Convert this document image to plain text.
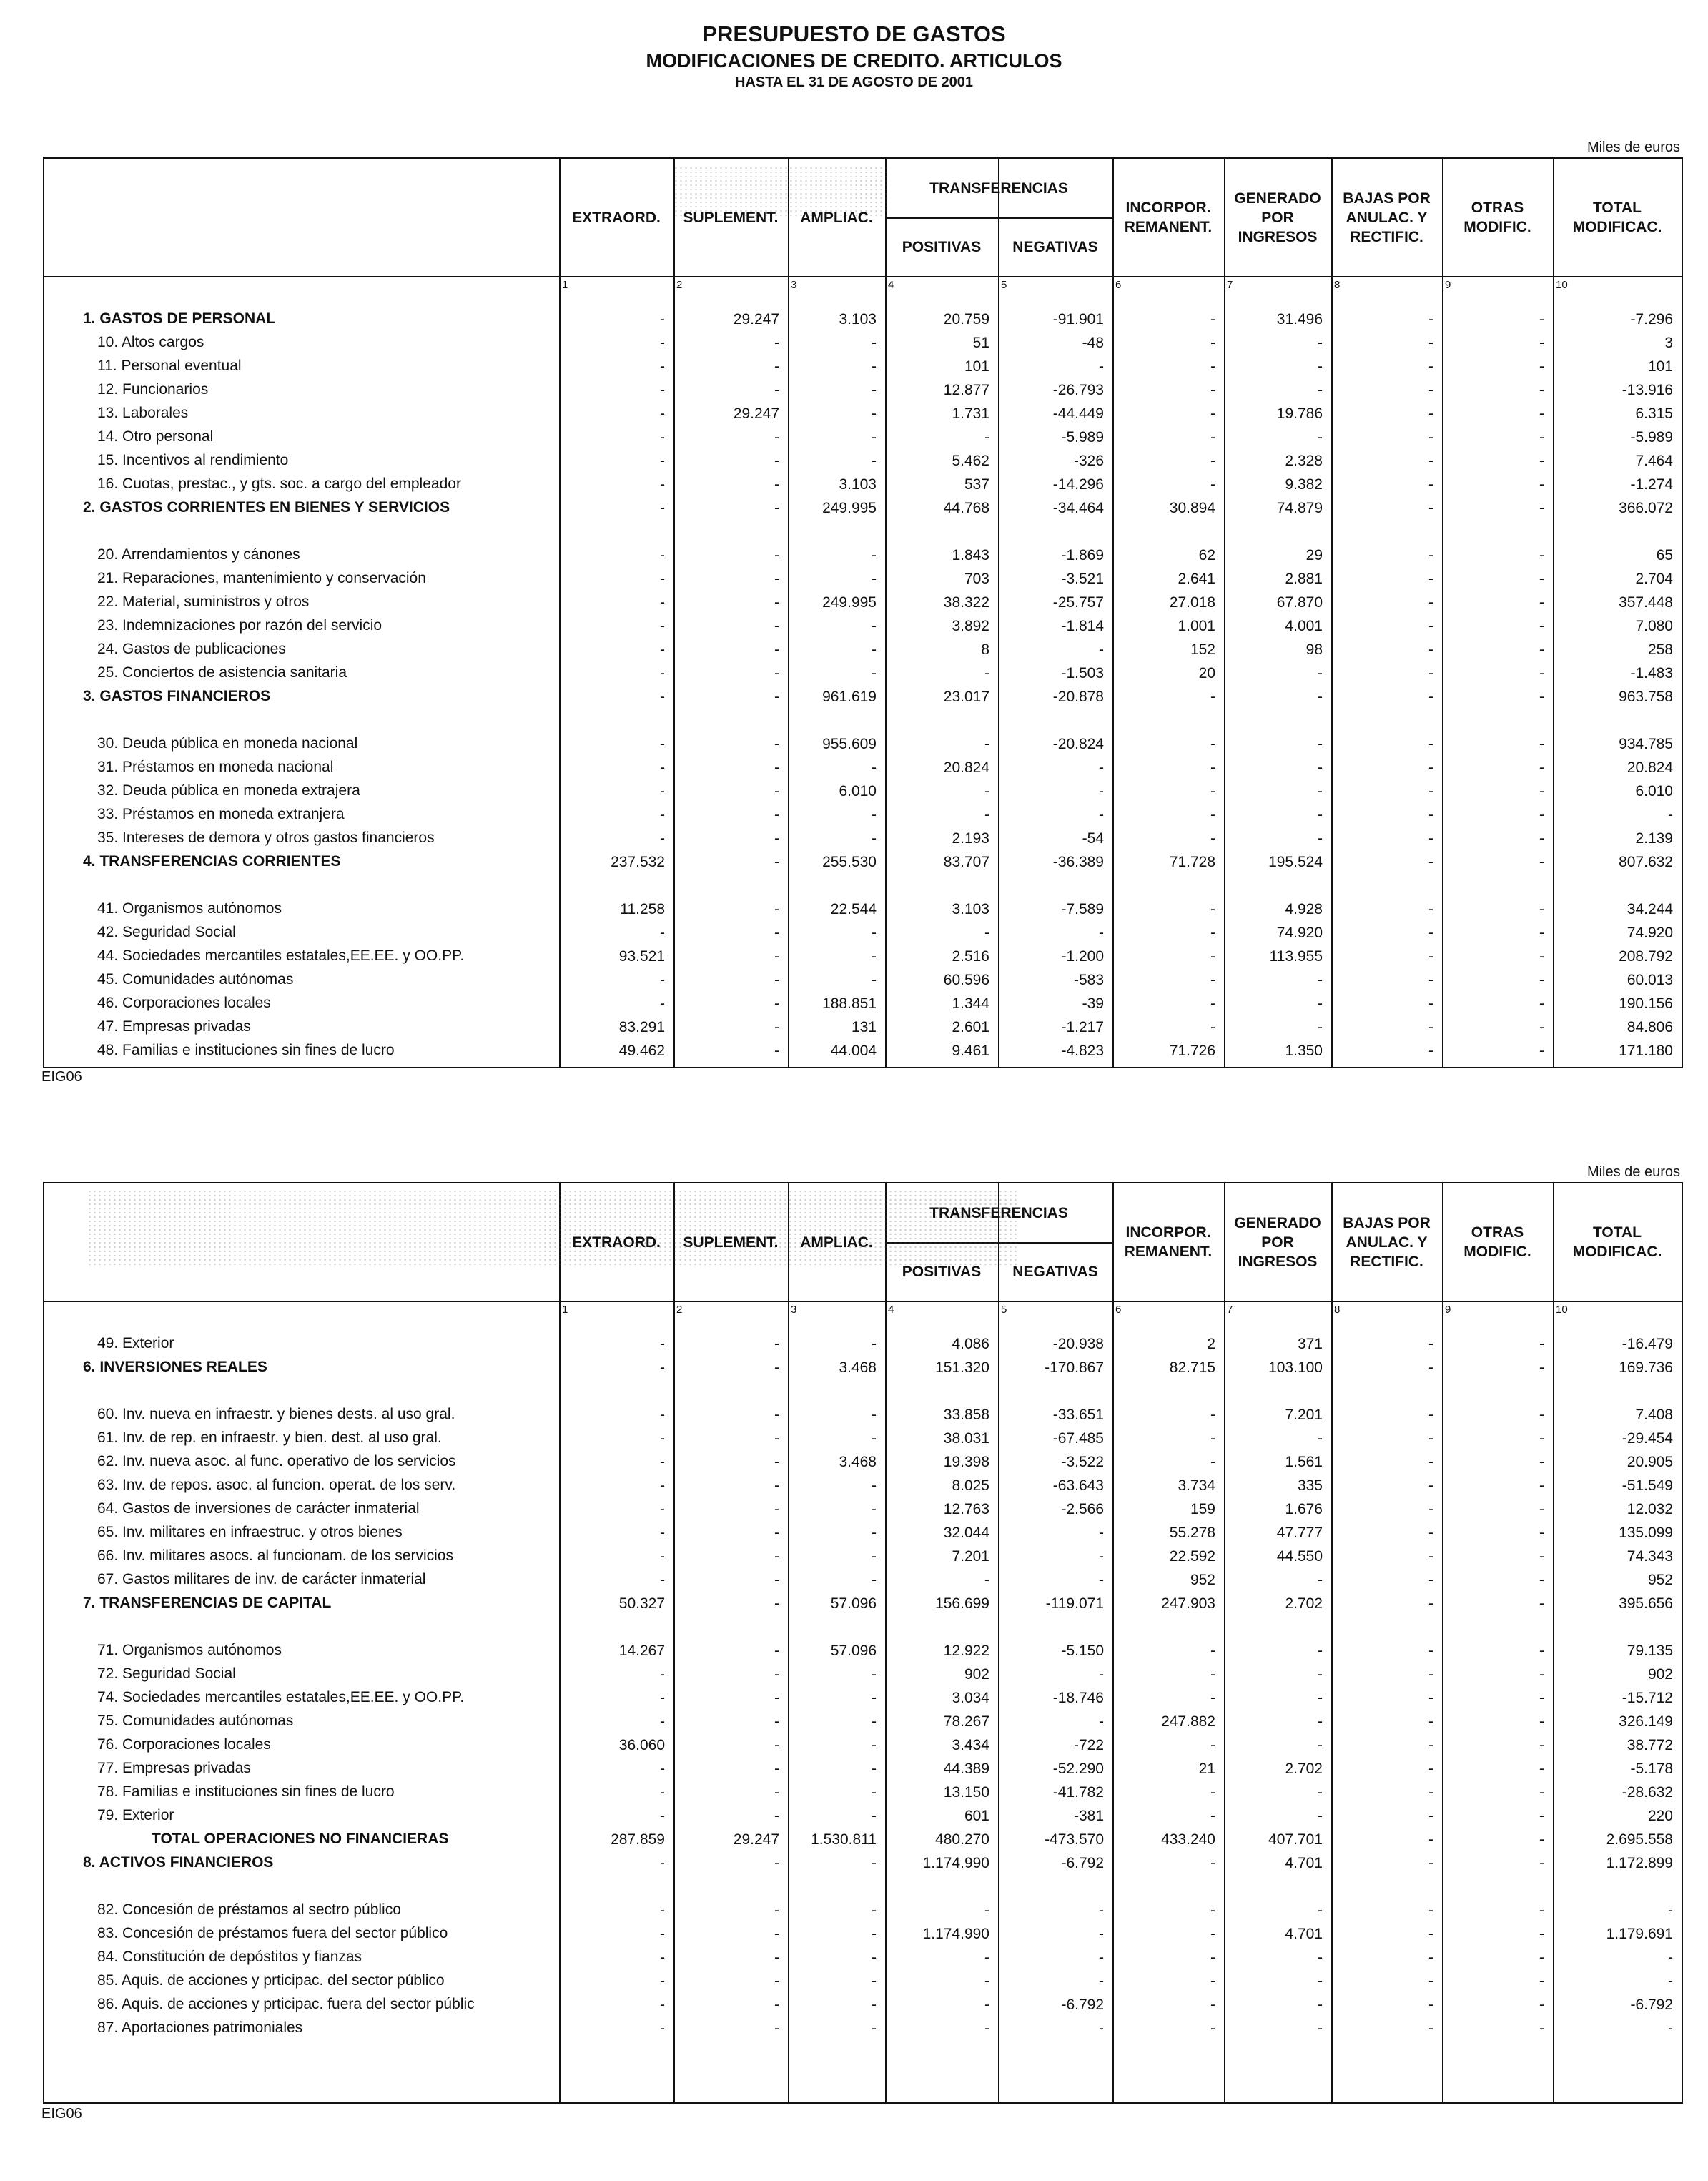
PRESUPUESTO DE GASTOS
MODIFICACIONES DE CREDITO. ARTICULOS
HASTA EL 31 DE AGOSTO DE 2001
Miles de euros
EXTRAORD.	SUPLEMENT.	AMPLIAC.
TRANSFERENCIAS
POSITIVAS	NEGATIVAS
INCORPOR.
REMANENT.
GENERADO
POR
INGRESOS
BAJAS POR
ANULAC. Y
RECTIFIC.
OTRAS
MODIFIC.
TOTAL
MODIFICAC.
1	2	3	4	5	6	7	8	9	10
1. GASTOS DE PERSONAL	-	29.247	3.103	20.759	-91.901	-	31.496	-	-	-7.296
10. Altos cargos	-	-	-	51	-48	-	-	-	-	3
11. Personal eventual	-	-	-	101	-	-	-	-	-	101
12. Funcionarios	-	-	-	12.877	-26.793	-	-	-	-	-13.916
13. Laborales	-	29.247	-	1.731	-44.449	-	19.786	-	-	6.315
14. Otro personal	-	-	-	-	-5.989	-	-	-	-	-5.989
15. Incentivos al rendimiento	-	-	-	5.462	-326	-	2.328	-	-	7.464
16. Cuotas, prestac., y gts. soc. a cargo del empleador	-	-	3.103	537	-14.296	-	9.382	-	-	-1.274
2. GASTOS CORRIENTES EN BIENES Y SERVICIOS	-	-	249.995	44.768	-34.464	30.894	74.879	-	-	366.072
20. Arrendamientos y cánones	-	-	-	1.843	-1.869	62	29	-	-	65
21. Reparaciones, mantenimiento y conservación	-	-	-	703	-3.521	2.641	2.881	-	-	2.704
22. Material, suministros y otros	-	-	249.995	38.322	-25.757	27.018	67.870	-	-	357.448
23. Indemnizaciones por razón del servicio	-	-	-	3.892	-1.814	1.001	4.001	-	-	7.080
24. Gastos de publicaciones	-	-	-	8	-	152	98	-	-	258
25. Conciertos de asistencia sanitaria	-	-	-	-	-1.503	20	-	-	-	-1.483
3. GASTOS FINANCIEROS	-	-	961.619	23.017	-20.878	-	-	-	-	963.758
30. Deuda pública en moneda nacional	-	-	955.609	-	-20.824	-	-	-	-	934.785
31. Préstamos en moneda nacional	-	-	-	20.824	-	-	-	-	-	20.824
32. Deuda pública en moneda extrajera	-	-	6.010	-	-	-	-	-	-	6.010
33. Préstamos en moneda extranjera	-	-	-	-	-	-	-	-	-	-
35. Intereses de demora y otros gastos financieros	-	-	-	2.193	-54	-	-	-	-	2.139
4. TRANSFERENCIAS CORRIENTES	237.532	-	255.530	83.707	-36.389	71.728	195.524	-	-	807.632
41. Organismos autónomos	11.258	-	22.544	3.103	-7.589	-	4.928	-	-	34.244
42. Seguridad Social	-	-	-	-	-	-	74.920	-	-	74.920
44. Sociedades mercantiles estatales,EE.EE. y OO.PP.	93.521	-	-	2.516	-1.200	-	113.955	-	-	208.792
45. Comunidades autónomas	-	-	-	60.596	-583	-	-	-	-	60.013
46. Corporaciones locales	-	-	188.851	1.344	-39	-	-	-	-	190.156
47. Empresas privadas	83.291	-	131	2.601	-1.217	-	-	-	-	84.806
48. Familias e instituciones sin fines de lucro	49.462	-	44.004	9.461	-4.823	71.726	1.350	-	-	171.180
EIG06
Miles de euros
EXTRAORD.	SUPLEMENT.	AMPLIAC.
TRANSFERENCIAS
POSITIVAS	NEGATIVAS
INCORPOR.
REMANENT.
GENERADO
POR
INGRESOS
BAJAS POR
ANULAC. Y
RECTIFIC.
OTRAS
MODIFIC.
TOTAL
MODIFICAC.
1	2	3	4	5	6	7	8	9	10
49. Exterior	-	-	-	4.086	-20.938	2	371	-	-	-16.479
6. INVERSIONES REALES	-	-	3.468	151.320	-170.867	82.715	103.100	-	-	169.736
60. Inv. nueva en infraestr. y bienes dests. al uso gral.	-	-	-	33.858	-33.651	-	7.201	-	-	7.408
61. Inv. de rep. en infraestr. y bien. dest. al uso gral.	-	-	-	38.031	-67.485	-	-	-	-	-29.454
62. Inv. nueva asoc. al func. operativo de los servicios	-	-	3.468	19.398	-3.522	-	1.561	-	-	20.905
63. Inv. de repos. asoc. al funcion. operat. de los serv.	-	-	-	8.025	-63.643	3.734	335	-	-	-51.549
64. Gastos de inversiones de carácter inmaterial	-	-	-	12.763	-2.566	159	1.676	-	-	12.032
65. Inv. militares en infraestruc. y otros bienes	-	-	-	32.044	-	55.278	47.777	-	-	135.099
66. Inv. militares asocs. al funcionam. de los servicios	-	-	-	7.201	-	22.592	44.550	-	-	74.343
67. Gastos militares de inv. de carácter inmaterial	-	-	-	-	-	952	-	-	-	952
7. TRANSFERENCIAS DE CAPITAL	50.327	-	57.096	156.699	-119.071	247.903	2.702	-	-	395.656
71. Organismos autónomos	14.267	-	57.096	12.922	-5.150	-	-	-	-	79.135
72. Seguridad Social	-	-	-	902	-	-	-	-	-	902
74. Sociedades mercantiles estatales,EE.EE. y OO.PP.	-	-	-	3.034	-18.746	-	-	-	-	-15.712
75. Comunidades autónomas	-	-	-	78.267	-	247.882	-	-	-	326.149
76. Corporaciones locales	36.060	-	-	3.434	-722	-	-	-	-	38.772
77. Empresas privadas	-	-	-	44.389	-52.290	21	2.702	-	-	-5.178
78. Familias e instituciones sin fines de lucro	-	-	-	13.150	-41.782	-	-	-	-	-28.632
79. Exterior	-	-	-	601	-381	-	-	-	-	220
TOTAL OPERACIONES NO FINANCIERAS	287.859	29.247	1.530.811	480.270	-473.570	433.240	407.701	-	-	2.695.558
8. ACTIVOS FINANCIEROS	-	-	-	1.174.990	-6.792	-	4.701	-	-	1.172.899
82. Concesión de préstamos al sectro público	-	-	-	-	-	-	-	-	-	-
83. Concesión de préstamos fuera del sector público	-	-	-	1.174.990	-	-	4.701	-	-	1.179.691
84. Constitución de depóstitos y fianzas	-	-	-	-	-	-	-	-	-	-
85. Aquis. de acciones y prticipac. del sector público	-	-	-	-	-	-	-	-	-	-
86. Aquis. de acciones y prticipac. fuera del sector públic	-	-	-	-	-6.792	-	-	-	-	-6.792
87. Aportaciones patrimoniales	-	-	-	-	-	-	-	-	-	-
EIG06
